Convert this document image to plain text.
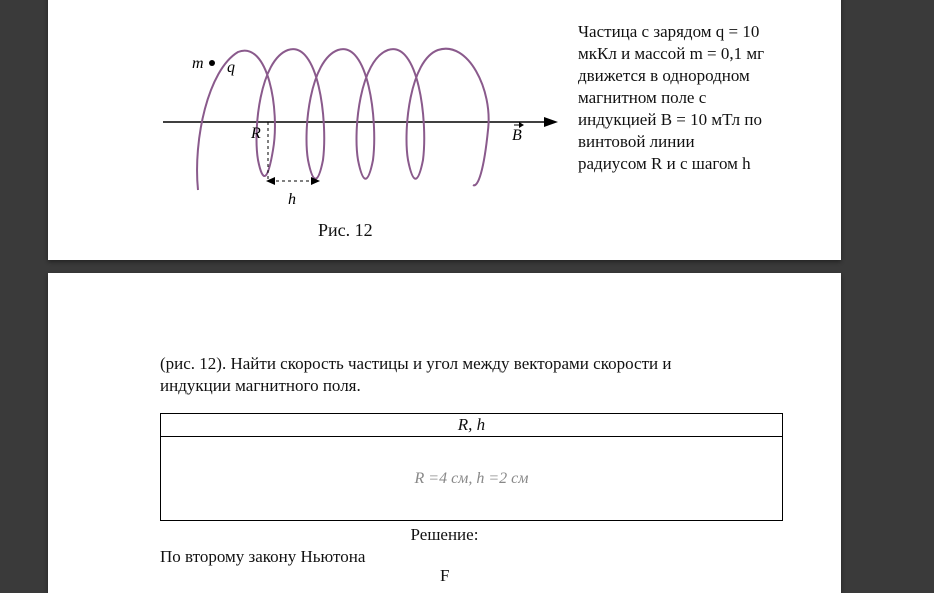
m q
R
h
B
Рис. 12

Частица с зарядом q = 10

мкКл и массой m = 0,1 мг

движется в однородном

магнитном поле с

индукцией B = 10 мТл по

винтовой линии

радиусом R и с шагом h

(рис. 12). Найти скорость частицы и угол между векторами скорости и

индукции магнитного поля.

R, h
R =4 см, h =2 см
Решение:
По второму закону Ньютона
F
